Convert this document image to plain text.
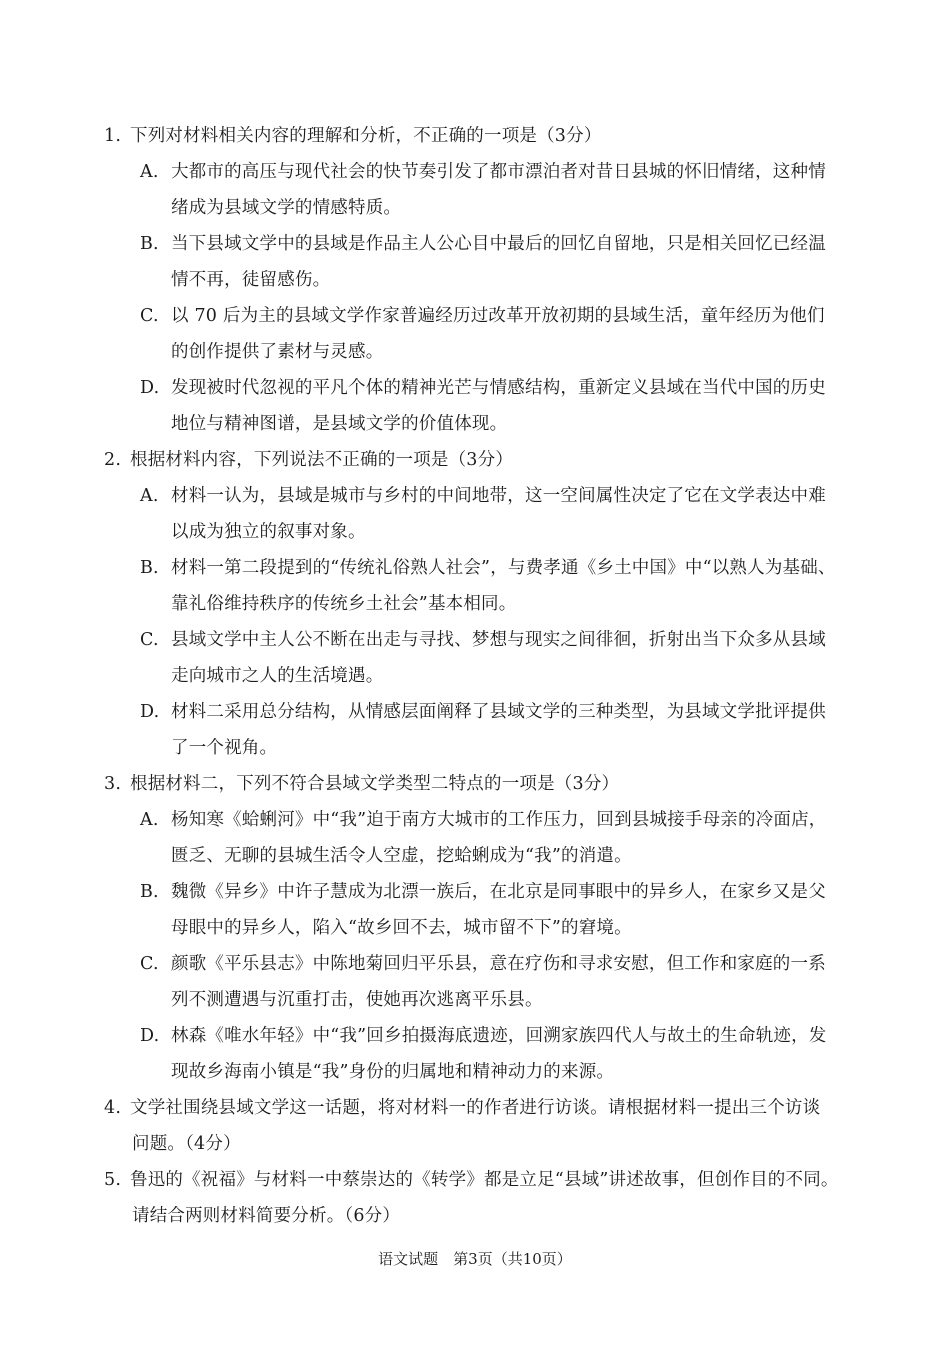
1. 下列对材料相关内容的理解和分析，不正确的一项是（3分）
A. 大都市的高压与现代社会的快节奏引发了都市漂泊者对昔日县城的怀旧情绪，这种情
绪成为县域文学的情感特质。
B. 当下县域文学中的县域是作品主人公心目中最后的回忆自留地，只是相关回忆已经温
情不再，徒留感伤。
C. 以 70 后为主的县域文学作家普遍经历过改革开放初期的县域生活，童年经历为他们
的创作提供了素材与灵感。
D. 发现被时代忽视的平凡个体的精神光芒与情感结构，重新定义县域在当代中国的历史
地位与精神图谱，是县域文学的价值体现。
2. 根据材料内容，下列说法不正确的一项是（3分）
A. 材料一认为，县域是城市与乡村的中间地带，这一空间属性决定了它在文学表达中难
以成为独立的叙事对象。
B. 材料一第二段提到的“传统礼俗熟人社会”，与费孝通《乡土中国》中“以熟人为基础、
靠礼俗维持秩序的传统乡土社会”基本相同。
C. 县域文学中主人公不断在出走与寻找、梦想与现实之间徘徊，折射出当下众多从县域
走向城市之人的生活境遇。
D. 材料二采用总分结构，从情感层面阐释了县域文学的三种类型，为县域文学批评提供
了一个视角。
3. 根据材料二，下列不符合县域文学类型二特点的一项是（3分）
A. 杨知寒《蛤蜊河》中“我”迫于南方大城市的工作压力，回到县城接手母亲的冷面店，
匮乏、无聊的县城生活令人空虚，挖蛤蜊成为“我”的消遣。
B. 魏微《异乡》中许子慧成为北漂一族后，在北京是同事眼中的异乡人，在家乡又是父
母眼中的异乡人，陷入“故乡回不去，城市留不下”的窘境。
C. 颜歌《平乐县志》中陈地菊回归平乐县，意在疗伤和寻求安慰，但工作和家庭的一系
列不测遭遇与沉重打击，使她再次逃离平乐县。
D. 林森《唯水年轻》中“我”回乡拍摄海底遗迹，回溯家族四代人与故土的生命轨迹，发
现故乡海南小镇是“我”身份的归属地和精神动力的来源。
4. 文学社围绕县域文学这一话题，将对材料一的作者进行访谈。请根据材料一提出三个访谈
问题。（4分）
5. 鲁迅的《祝福》与材料一中蔡崇达的《转学》都是立足“县域”讲述故事，但创作目的不同。
请结合两则材料简要分析。（6分）
语文试题　第3页（共10页）
